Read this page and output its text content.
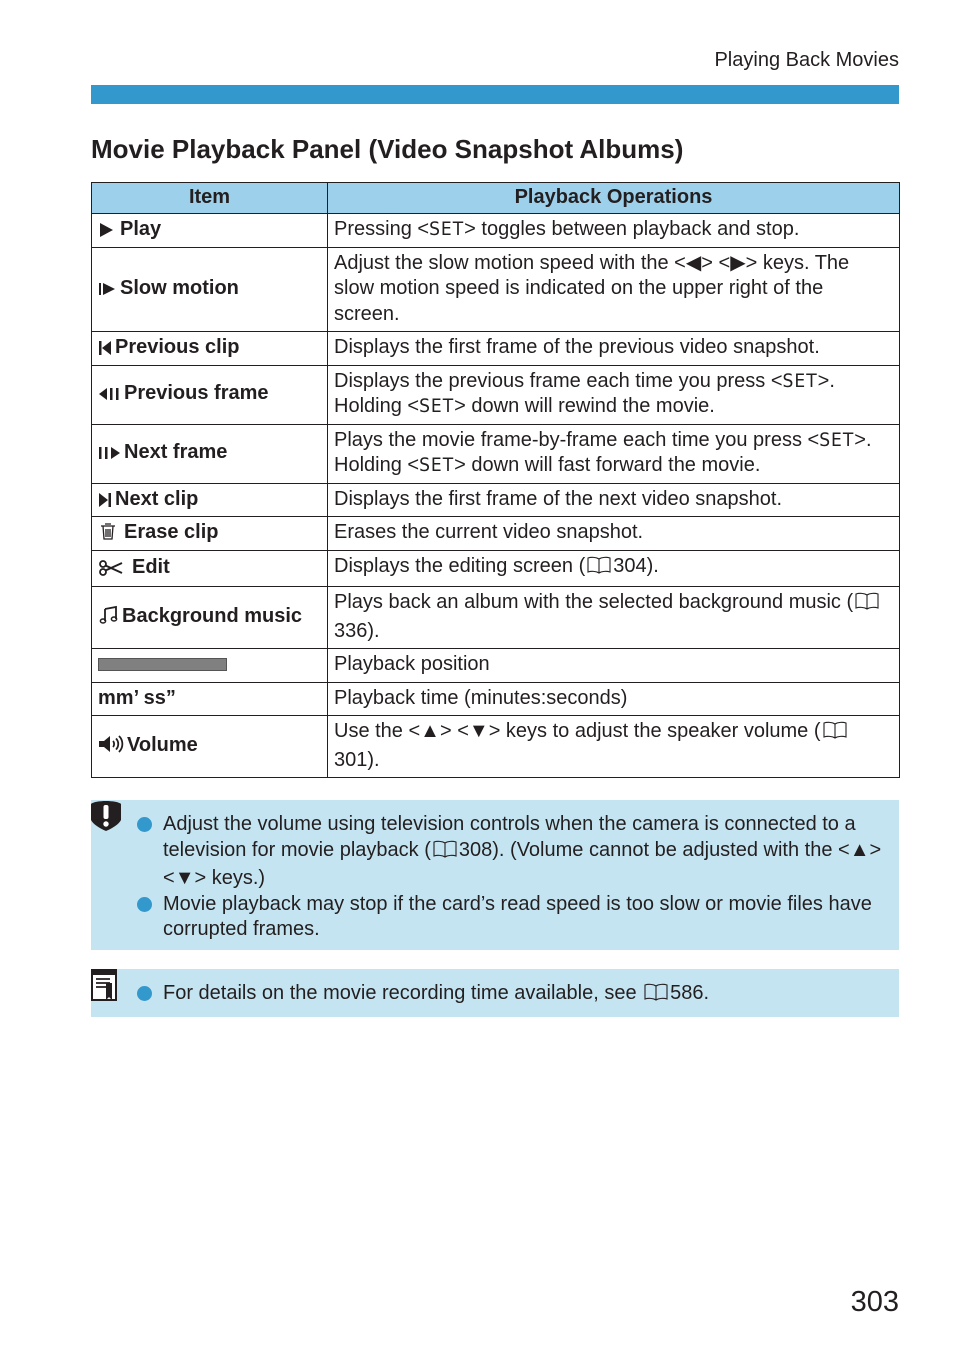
Playing Back Movies
Movie Playback Panel (Video Snapshot Albums)
Item	Playback Operations
Play	Pressing <SET> toggles between playback and stop.
Slow motion	Adjust the slow motion speed with the <◀> <▶> keys. The slow motion speed is indicated on the upper right of the screen.
Previous clip	Displays the first frame of the previous video snapshot.
Previous frame	Displays the previous frame each time you press <SET>. Holding <SET> down will rewind the movie.
Next frame	Plays the movie frame-by-frame each time you press <SET>. Holding <SET> down will fast forward the movie.
Next clip	Displays the first frame of the next video snapshot.
Erase clip	Erases the current video snapshot.
Edit	Displays the editing screen ( 304).
Background music	Plays back an album with the selected background music (336).
	Playback position
mm’ ss”	Playback time (minutes:seconds)
Volume	Use the <▲> <▼> keys to adjust the speaker volume (301).
Adjust the volume using television controls when the camera is connected to a television for movie playback ( 308). (Volume cannot be adjusted with the <▲> <▼> keys.)
Movie playback may stop if the card’s read speed is too slow or movie files have corrupted frames.
For details on the movie recording time available, see 586.
303
